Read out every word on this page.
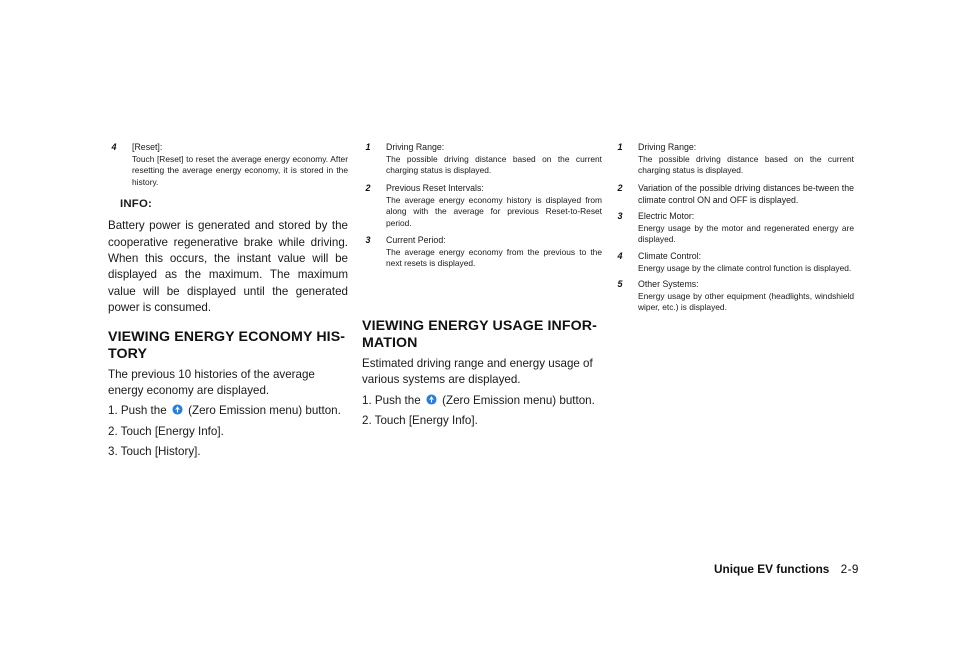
4	[Reset]:
Touch [Reset] to reset the average energy economy. After resetting the average energy economy, it is stored in the history.
INFO:
Battery power is generated and stored by the cooperative regenerative brake while driving. When this occurs, the instant value will be displayed as the maximum. The maximum value will be displayed until the generated power is consumed.
VIEWING ENERGY ECONOMY HIS-
TORY
The previous 10 histories of the average energy economy are displayed.
1. Push the (Zero Emission menu) button.
2. Touch [Energy Info].
3. Touch [History].
1	Driving Range:
The possible driving distance based on the current charging status is displayed.
2	Previous Reset Intervals:
The average energy economy history is displayed from along with the average for previous Reset-to-Reset period.
3	Current Period:
The average energy economy from the previous to the next resets is displayed.
VIEWING ENERGY USAGE INFOR-
MATION
Estimated driving range and energy usage of various systems are displayed.
1. Push the (Zero Emission menu) button.
2. Touch [Energy Info].
1	Driving Range:
The possible driving distance based on the current charging status is displayed.
2	Variation of the possible driving distances be-tween the climate control ON and OFF is displayed.
3	Electric Motor:
Energy usage by the motor and regenerated energy are displayed.
4	Climate Control:
Energy usage by the climate control function is displayed.
5	Other Systems:
Energy usage by other equipment (headlights, windshield wiper, etc.) is displayed.
Unique EV functions 2-9
